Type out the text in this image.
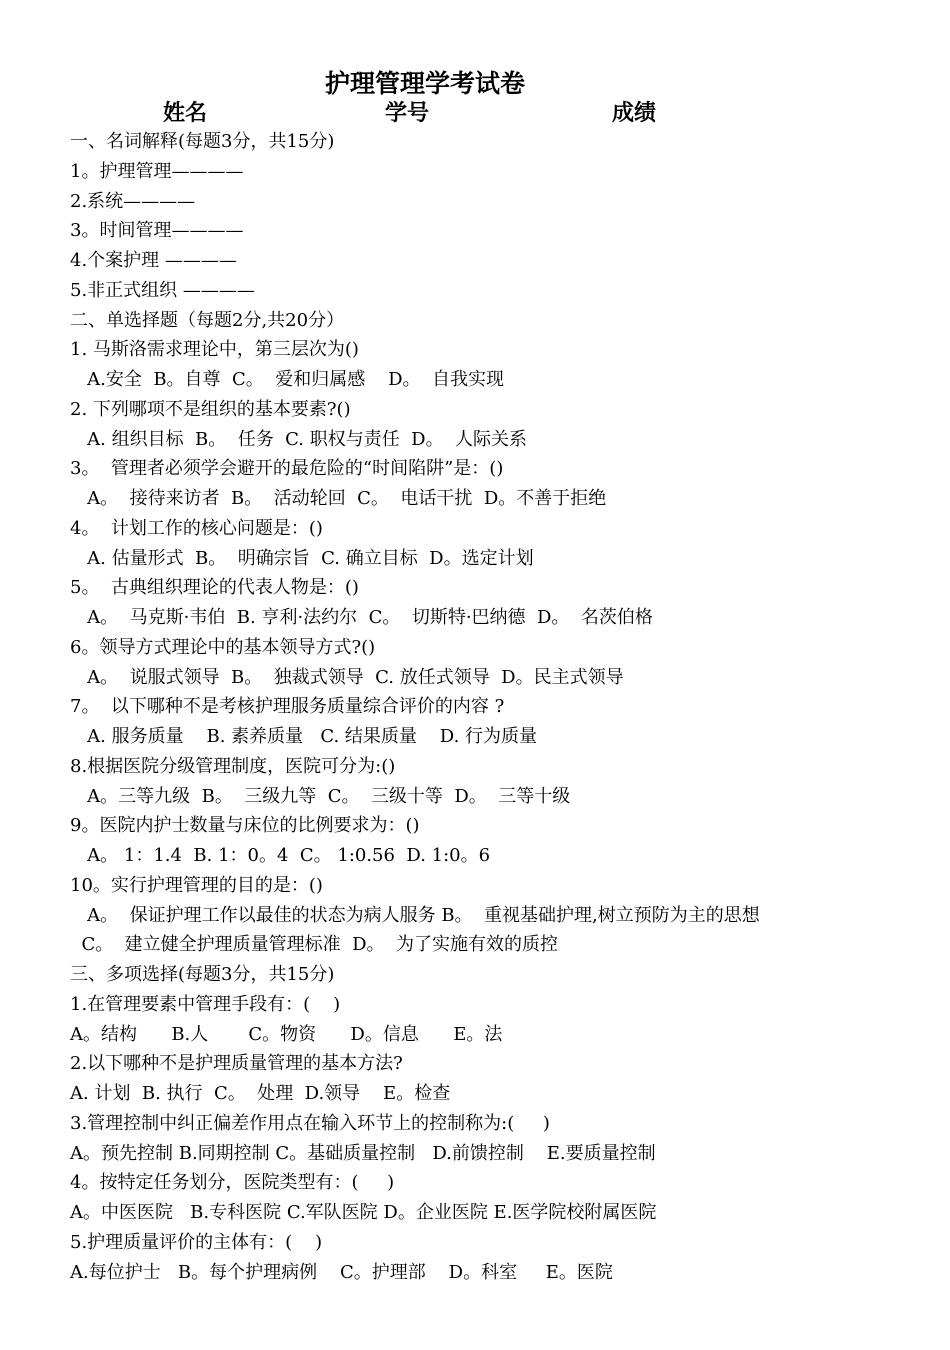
护理管理学考试卷
姓名	学号	成绩
一、名词解释(每题3分，共15分)
1。护理管理————
2.系统————
3。时间管理————
4.个案护理 ————
5.非正式组织 ————
二、单选择题（每题2分,共20分）
1. 马斯洛需求理论中，第三层次为()
A.安全  B。自尊  C。  爱和归属感    D。  自我实现
2. 下列哪项不是组织的基本要素?()
A. 组织目标  B。  任务  C. 职权与责任  D。  人际关系
3。  管理者必须学会避开的最危险的“时间陷阱”是：()
A。  接待来访者  B。  活动轮回  C。  电话干扰  D。不善于拒绝
4。  计划工作的核心问题是：()
A. 估量形式  B。  明确宗旨  C. 确立目标  D。选定计划
5。  古典组织理论的代表人物是：()
A。  马克斯·韦伯  B. 亨利·法约尔  C。  切斯特·巴纳德  D。  名茨伯格
6。领导方式理论中的基本领导方式?()
A。  说服式领导  B。  独裁式领导  C. 放任式领导  D。民主式领导
7。  以下哪种不是考核护理服务质量综合评价的内容 ?
A. 服务质量    B. 素养质量   C. 结果质量    D. 行为质量
8.根据医院分级管理制度，医院可分为:()
A。三等九级  B。  三级九等  C。  三级十等  D。  三等十级
9。医院内护士数量与床位的比例要求为：()
A。 1：1.4  B. 1：0。4  C。 1:0.56  D. 1:0。6
10。实行护理管理的目的是：()
A。  保证护理工作以最佳的状态为病人服务 B。  重视基础护理,树立预防为主的思想
C。  建立健全护理质量管理标准  D。  为了实施有效的质控
三、多项选择(每题3分，共15分)
1.在管理要素中管理手段有：(    )
A。结构      B.人       C。物资      D。信息      E。法
2.以下哪种不是护理质量管理的基本方法?
A. 计划  B. 执行  C。  处理  D.领导    E。检查
3.管理控制中纠正偏差作用点在输入环节上的控制称为:(     )
A。预先控制 B.同期控制 C。基础质量控制   D.前馈控制    E.要质量控制
4。按特定任务划分，医院类型有：(     )
A。中医医院   B.专科医院 C.军队医院 D。企业医院 E.医学院校附属医院
5.护理质量评价的主体有：(    )
A.每位护士   B。每个护理病例    C。护理部    D。科室     E。医院
